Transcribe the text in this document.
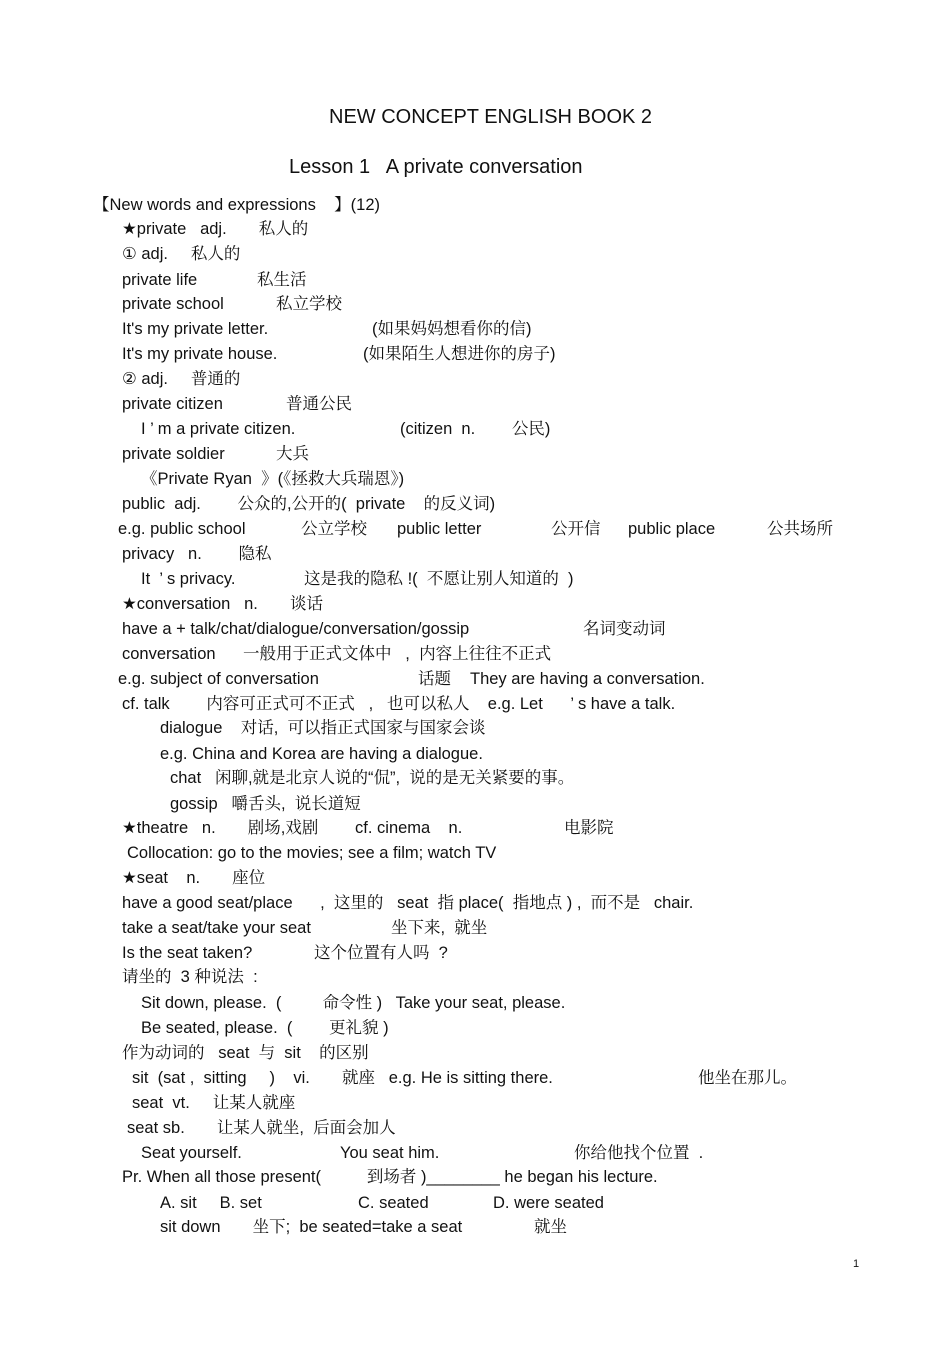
NEW CONCEPT ENGLISH BOOK 2
Lesson 1   A private conversation
【New words and expressions    】(12)
★private   adj.       私人的
① adj.     私人的
private life	私生活
private school	私立学校
It's my private letter.	(如果妈妈想看你的信)
It's my private house.	(如果陌生人想进你的房子)
② adj.     普通的
private citizen	普通公民
I ’ m a private citizen.	(citizen  n.        公民)
private soldier	大兵
《Private Ryan  》(《拯救大兵瑞恩》)
public  adj.        公众的,公开的(  private    的反义词)
e.g. public school	公立学校 public letter	公开信 public place	公共场所
privacy   n.        隐私
It  ’ s privacy.	这是我的隐私 !(  不愿让别人知道的  )
★conversation   n.       谈话
have a + talk/chat/dialogue/conversation/gossip	名词变动词
conversation      一般用于正式文体中   ,  内容上往往不正式
e.g. subject of conversation	话题 They are having a conversation.
cf. talk        内容可正式可不正式   ,   也可以私人    e.g. Let      ’ s have a talk.
dialogue    对话,  可以指正式国家与国家会谈
e.g. China and Korea are having a dialogue.
chat   闲聊,就是北京人说的“侃”,  说的是无关紧要的事。
gossip   嚼舌头,  说长道短
★theatre   n.       剧场,戏剧        cf. cinema    n.	电影院
Collocation: go to the movies; see a film; watch TV
★seat    n.       座位
have a good seat/place      ,  这里的   seat  指 place(  指地点 ) ,  而不是   chair.
take a seat/take your seat	坐下来,  就坐
Is the seat taken?	这个位置有人吗  ?
请坐的  3 种说法  :
Sit down, please.  (         命令性 )   Take your seat, please.
Be seated, please.  (        更礼貌 )
作为动词的   seat  与  sit    的区别
sit  (sat ,  sitting     )    vi.       就座   e.g. He is sitting there.	他坐在那儿。
seat  vt.     让某人就座
seat sb.       让某人就坐,  后面会加人
Seat yourself.	You seat him.	你给他找个位置  .
Pr. When all those present(          到场者 )________ he began his lecture.
A. sit     B. set	C. seated	D. were seated
sit down       坐下;  be seated=take a seat	就坐
1
